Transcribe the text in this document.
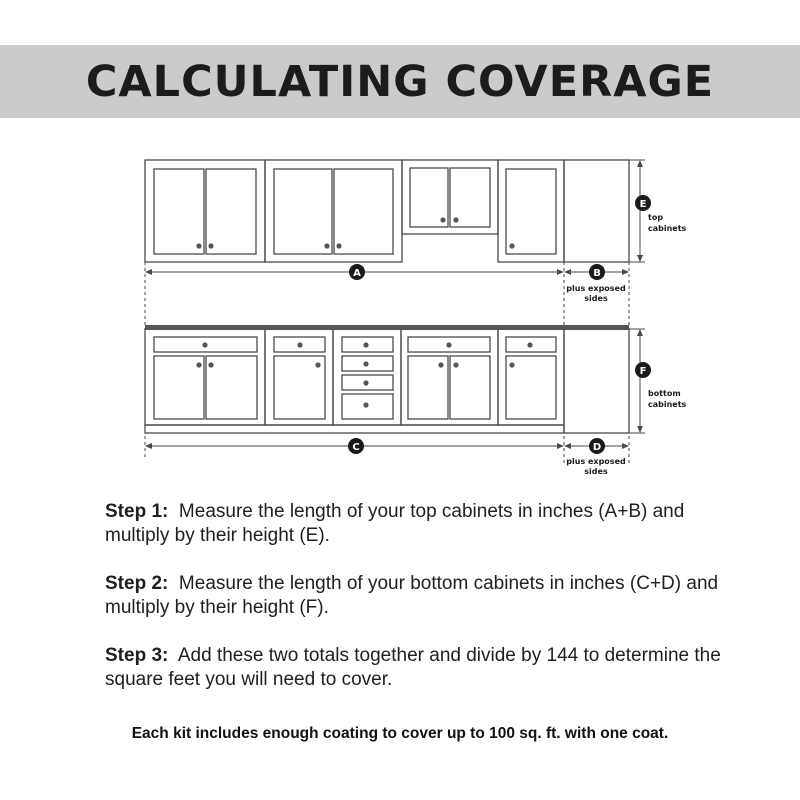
CALCULATING COVERAGE
A	B
C	D
E
F
top
cabinets
bottom
cabinets
plus exposed
sides
plus exposed
sides

Step 1: Measure the length of your top cabinets in inches (A+B) and multiply by their height (E).

Step 2: Measure the length of your bottom cabinets in inches (C+D) and multiply by their height (F).

Step 3: Add these two totals together and divide by 144 to determine the square feet you will need to cover.

Each kit includes enough coating to cover up to 100 sq. ft. with one coat.
